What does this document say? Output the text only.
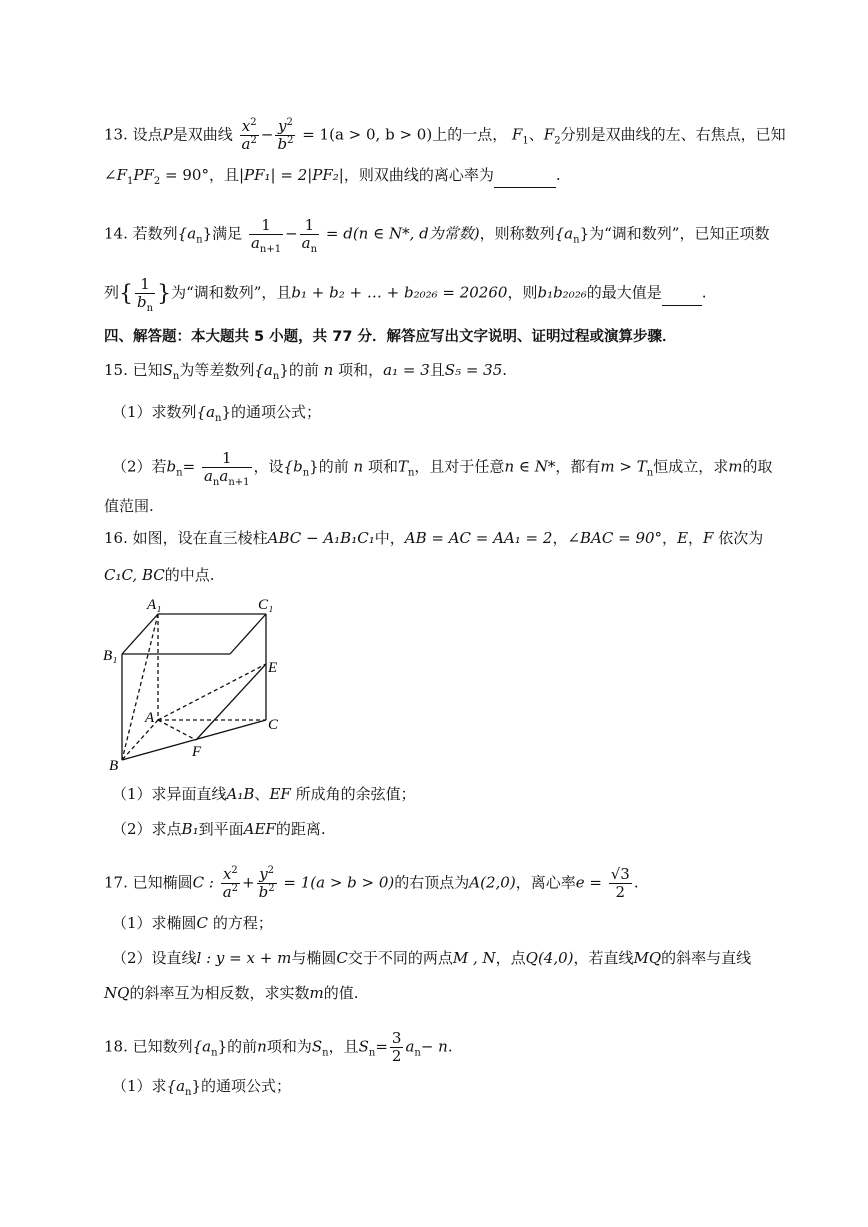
13. 设点P是双曲线 $\frac{x^2}{a^2} - \frac{y^2}{b^2} = 1(a > 0$, b > 0)上的一点， $F_1$、$F_2$分别是双曲线的左、右焦点，已知
$\angle F_1PF_2 = 90^\circ$，且|PF₁| = 2|PF₂|，则双曲线的离心率为	.
14. 若数列$\{a_n\}$满足 $\frac{1}{a_{n+1}} - \frac{1}{a_n} = d(n$ ∈ N*, d为常数)，则称数列$\{a_n\}$为“调和数列”，已知正项数
列{ $\frac{1}{b_n}$ }为“调和数列”，且b₁ + b₂ + … + b₂₀₂₆ = 20260，则b₁b₂₀₂₆的最大值是	.
四、解答题：本大题共 5 小题，共 77 分．解答应写出文字说明、证明过程或演算步骤．
15. 已知$S_n$为等差数列$\{a_n\}$的前 n 项和，a₁ = 3且S₅ = 35.
（1）求数列$\{a_n\}$的通项公式；
（2）若$b_n= \frac{1}{a_na_{n+1}}$ ，设$\{b_n\}$的前 n 项和$T_n$，且对于任意n ∈ N*，都有$m > T_n$恒成立，求m的取
值范围.
16. 如图，设在直三棱柱ABC − A₁B₁C₁中，AB = AC = AA₁ = 2，∠BAC = 90°，E，F 依次为
C₁C, BC的中点.
A₁	C₁
B₁
E
A	C
F
B
（1）求异面直线A₁B、EF 所成角的余弦值；
（2）求点B₁到平面AEF的距离.
17. 已知椭圆C : $\frac{x^2}{a^2} + \frac{y^2}{b^2} = 1(a > b > 0)$的右顶点为A(2,0)，离心率$e = \frac{√3}{2}$ .
（1）求椭圆C 的方程；
（2）设直线l : y = x + m与椭圆C交于不同的两点M , N，点Q(4,0)，若直线MQ的斜率与直线
NQ的斜率互为相反数，求实数m的值.
18. 已知数列$\{a_n\}$的前n项和为$S_n$，且$S_n= \frac{3}{2} a_n- n$.
（1）求$\{a_n\}$的通项公式；
